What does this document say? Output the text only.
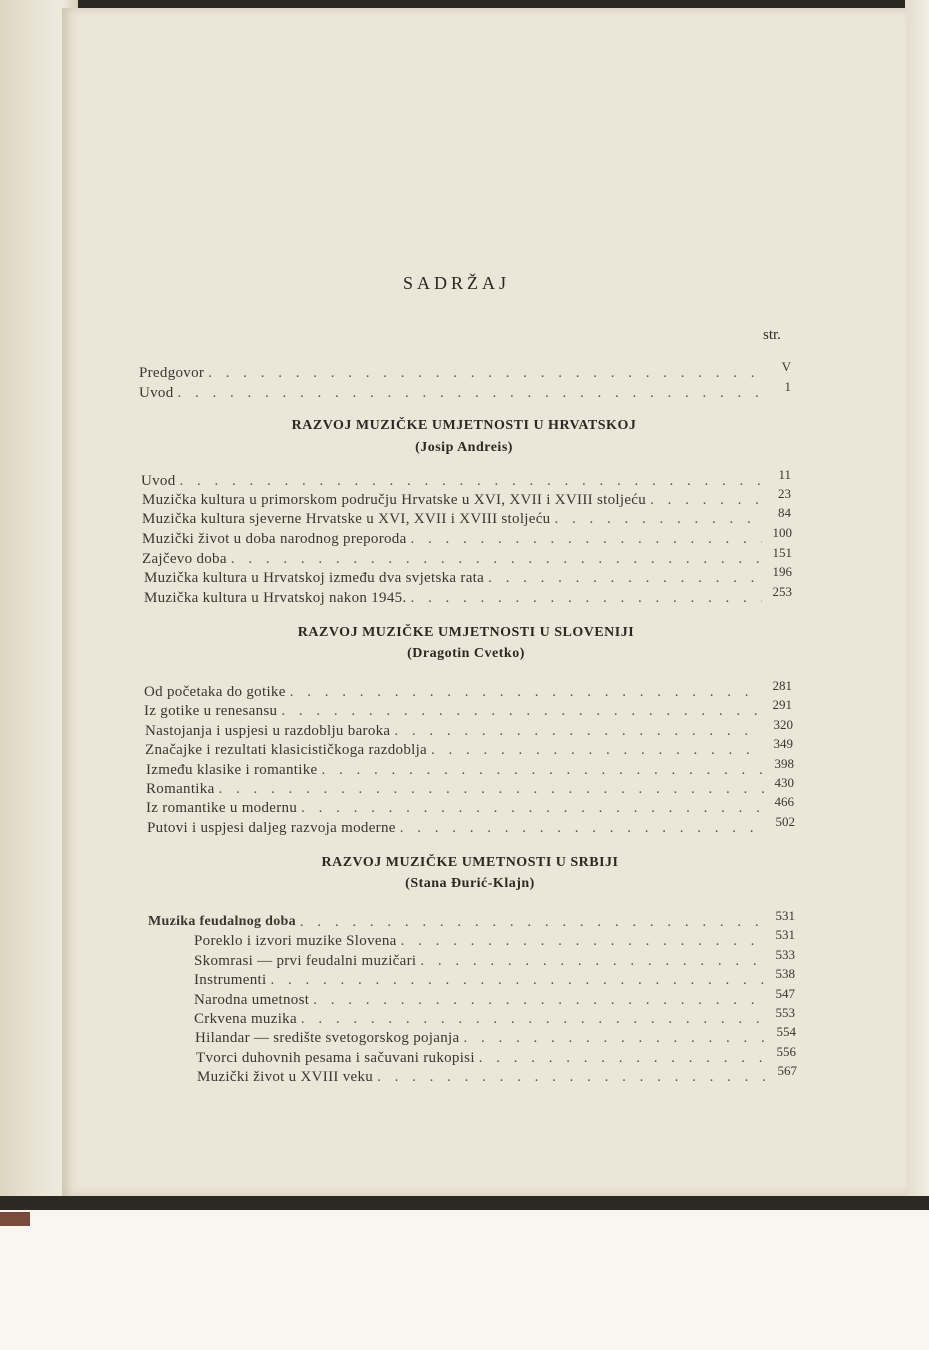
SADRŽAJ
str.
Predgovor . . .	V
Uvod . . .	1
RAZVOJ MUZIČKE UMJETNOSTI U HRVATSKOJ
(Josip Andreis)
Uvod . . .	11
Muzička kultura u primorskom području Hrvatske u XVI, XVII i XVIII stoljeću . . .	23
Muzička kultura sjeverne Hrvatske u XVI, XVII i XVIII stoljeću . . .	84
Muzički život u doba narodnog preporoda . . .	100
Zajčevo doba . . .	151
Muzička kultura u Hrvatskoj između dva svjetska rata . . .	196
Muzička kultura u Hrvatskoj nakon 1945. . . .	253
RAZVOJ MUZIČKE UMJETNOSTI U SLOVENIJI
(Dragotin Cvetko)
Od početaka do gotike . . .	281
Iz gotike u renesansu . . .	291
Nastojanja i uspjesi u razdoblju baroka . . .	320
Značajke i rezultati klasicističkoga razdoblja . . .	349
Između klasike i romantike . . .	398
Romantika . . .	430
Iz romantike u modernu . . .	466
Putovi i uspjesi daljeg razvoja moderne . . .	502
RAZVOJ MUZIČKE UMETNOSTI U SRBIJI
(Stana Đurić-Klajn)
Muzika feudalnog doba . . .	531
Poreklo i izvori muzike Slovena . . .	531
Skomrasi — prvi feudalni muzičari . . .	533
Instrumenti . . .	538
Narodna umetnost . . .	547
Crkvena muzika . . .	553
Hilandar — središte svetogorskog pojanja . . .	554
Tvorci duhovnih pesama i sačuvani rukopisi . . .	556
Muzički život u XVIII veku . . .	567
